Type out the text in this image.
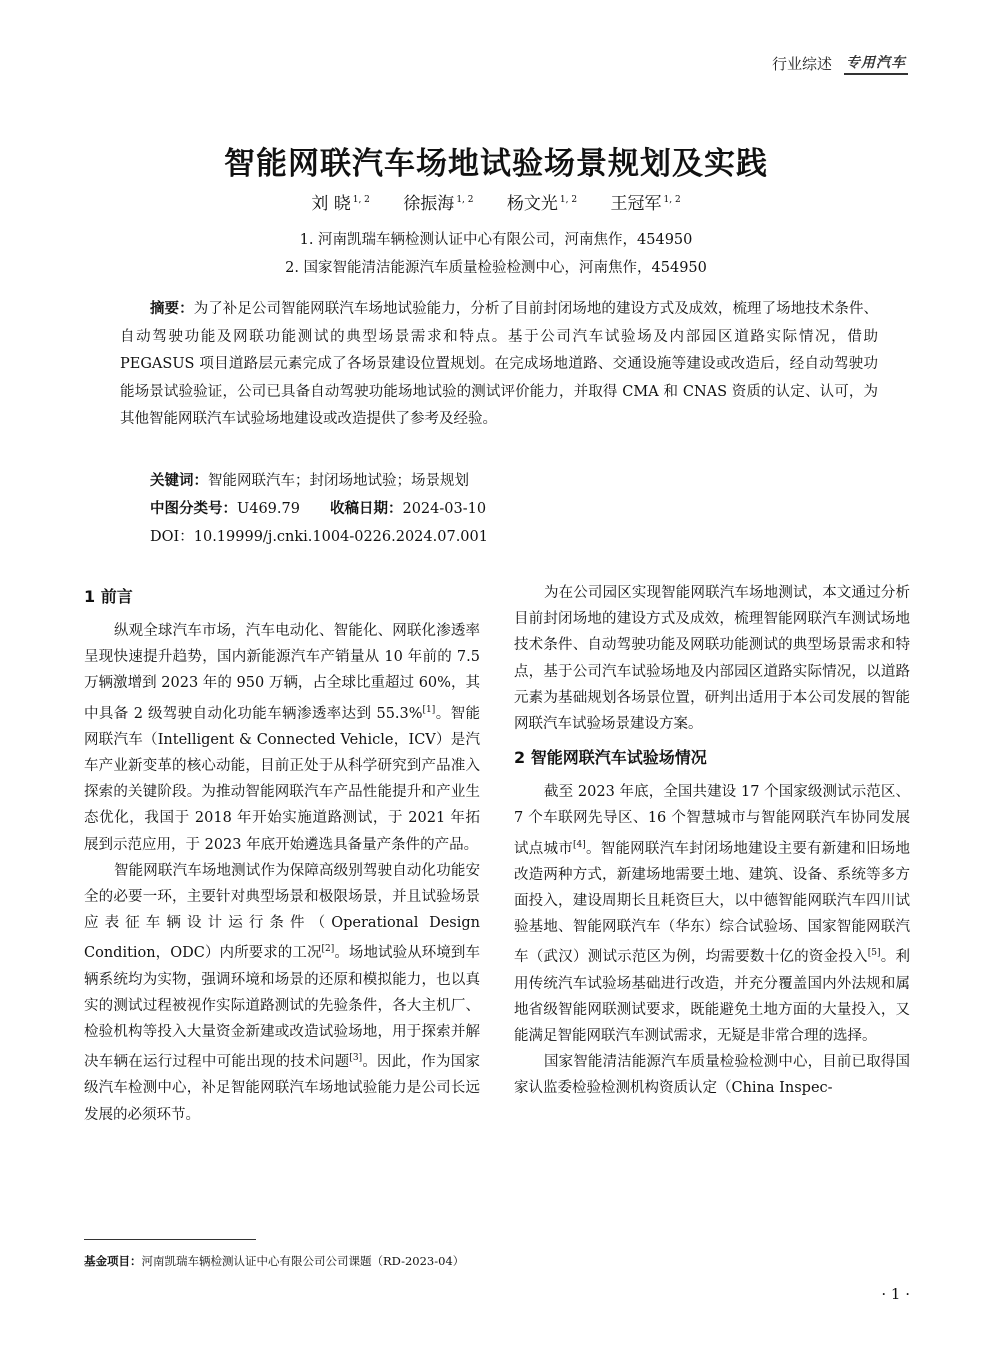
行业综述 专用汽车
智能网联汽车场地试验场景规划及实践
刘 晓 $^{1, 2}$ 徐振海 $^{1, 2}$ 杨文光 $^{1, 2}$ 王冠军 $^{1, 2}$
1. 河南凯瑞车辆检测认证中心有限公司，河南焦作，454950
2. 国家智能清洁能源汽车质量检验检测中心，河南焦作，454950
摘要：为了补足公司智能网联汽车场地试验能力，分析了目前封闭场地的建设方式及成效，梳理了场地技术条件、自动驾驶功能及网联功能测试的典型场景需求和特点。基于公司汽车试验场及内部园区道路实际情况，借助 PEGASUS 项目道路层元素完成了各场景建设位置规划。在完成场地道路、交通设施等建设或改造后，经自动驾驶功能场景试验验证，公司已具备自动驾驶功能场地试验的测试评价能力，并取得 CMA 和 CNAS 资质的认定、认可，为其他智能网联汽车试验场地建设或改造提供了参考及经验。
关键词：智能网联汽车；封闭场地试验；场景规划
中图分类号：U469.79 收稿日期：2024-03-10
DOI：10.19999/j.cnki.1004-0226.2024.07.001
1 前言

纵观全球汽车市场，汽车电动化、智能化、网联化渗透率呈现快速提升趋势，国内新能源汽车产销量从 10 年前的 7.5 万辆激增到 2023 年的 950 万辆，占全球比重超过 60%，其中具备 2 级驾驶自动化功能车辆渗透率达到 55.3%[1]。智能网联汽车（Intelligent & Connected Vehicle，ICV）是汽车产业新变革的核心动能，目前正处于从科学研究到产品准入探索的关键阶段。为推动智能网联汽车产品性能提升和产业生态优化，我国于 2018 年开始实施道路测试，于 2021 年拓展到示范应用，于 2023 年底开始遴选具备量产条件的产品。

智能网联汽车场地测试作为保障高级别驾驶自动化功能安全的必要一环，主要针对典型场景和极限场景，并且试验场景应表征车辆设计运行条件（Operational Design Condition，ODC）内所要求的工况[2]。场地试验从环境到车辆系统均为实物，强调环境和场景的还原和模拟能力，也以真实的测试过程被视作实际道路测试的先验条件，各大主机厂、检验机构等投入大量资金新建或改造试验场地，用于探索并解决车辆在运行过程中可能出现的技术问题[3]。因此，作为国家级汽车检测中心，补足智能网联汽车场地试验能力是公司长远发展的必须环节。

为在公司园区实现智能网联汽车场地测试，本文通过分析目前封闭场地的建设方式及成效，梳理智能网联汽车测试场地技术条件、自动驾驶功能及网联功能测试的典型场景需求和特点，基于公司汽车试验场地及内部园区道路实际情况，以道路元素为基础规划各场景位置，研判出适用于本公司发展的智能网联汽车试验场景建设方案。

2 智能网联汽车试验场情况

截至 2023 年底，全国共建设 17 个国家级测试示范区、7 个车联网先导区、16 个智慧城市与智能网联汽车协同发展试点城市[4]。智能网联汽车封闭场地建设主要有新建和旧场地改造两种方式，新建场地需要土地、建筑、设备、系统等多方面投入，建设周期长且耗资巨大，以中德智能网联汽车四川试验基地、智能网联汽车（华东）综合试验场、国家智能网联汽车（武汉）测试示范区为例，均需要数十亿的资金投入[5]。利用传统汽车试验场基础进行改造，并充分覆盖国内外法规和属地省级智能网联测试要求，既能避免土地方面的大量投入，又能满足智能网联汽车测试需求，无疑是非常合理的选择。

国家智能清洁能源汽车质量检验检测中心，目前已取得国家认监委检验检测机构资质认定（China Inspec-

基金项目：河南凯瑞车辆检测认证中心有限公司公司课题（RD-2023-04）
· 1 ·
